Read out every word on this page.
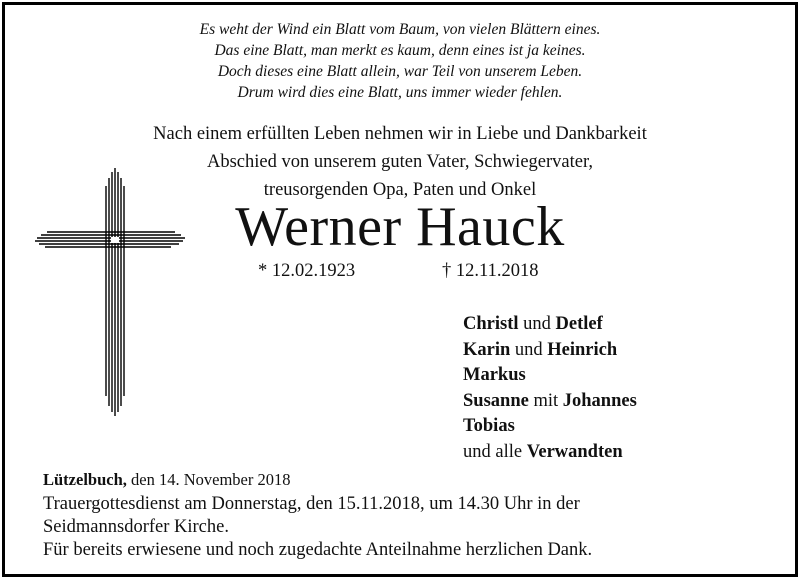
Es weht der Wind ein Blatt vom Baum, von vielen Blättern eines.
Das eine Blatt, man merkt es kaum, denn eines ist ja keines.
Doch dieses eine Blatt allein, war Teil von unserem Leben.
Drum wird dies eine Blatt, uns immer wieder fehlen.
Nach einem erfüllten Leben nehmen wir in Liebe und Dankbarkeit
Abschied von unserem guten Vater, Schwiegervater,
treusorgenden Opa, Paten und Onkel
Werner Hauck
* 12.02.1923	† 12.11.2018
Christl und Detlef
Karin und Heinrich
Markus
Susanne mit Johannes
Tobias
und alle Verwandten
Lützelbuch, den 14. November 2018
Trauergottesdienst am Donnerstag, den 15.11.2018, um 14.30 Uhr in der
Seidmannsdorfer Kirche.
Für bereits erwiesene und noch zugedachte Anteilnahme herzlichen Dank.
